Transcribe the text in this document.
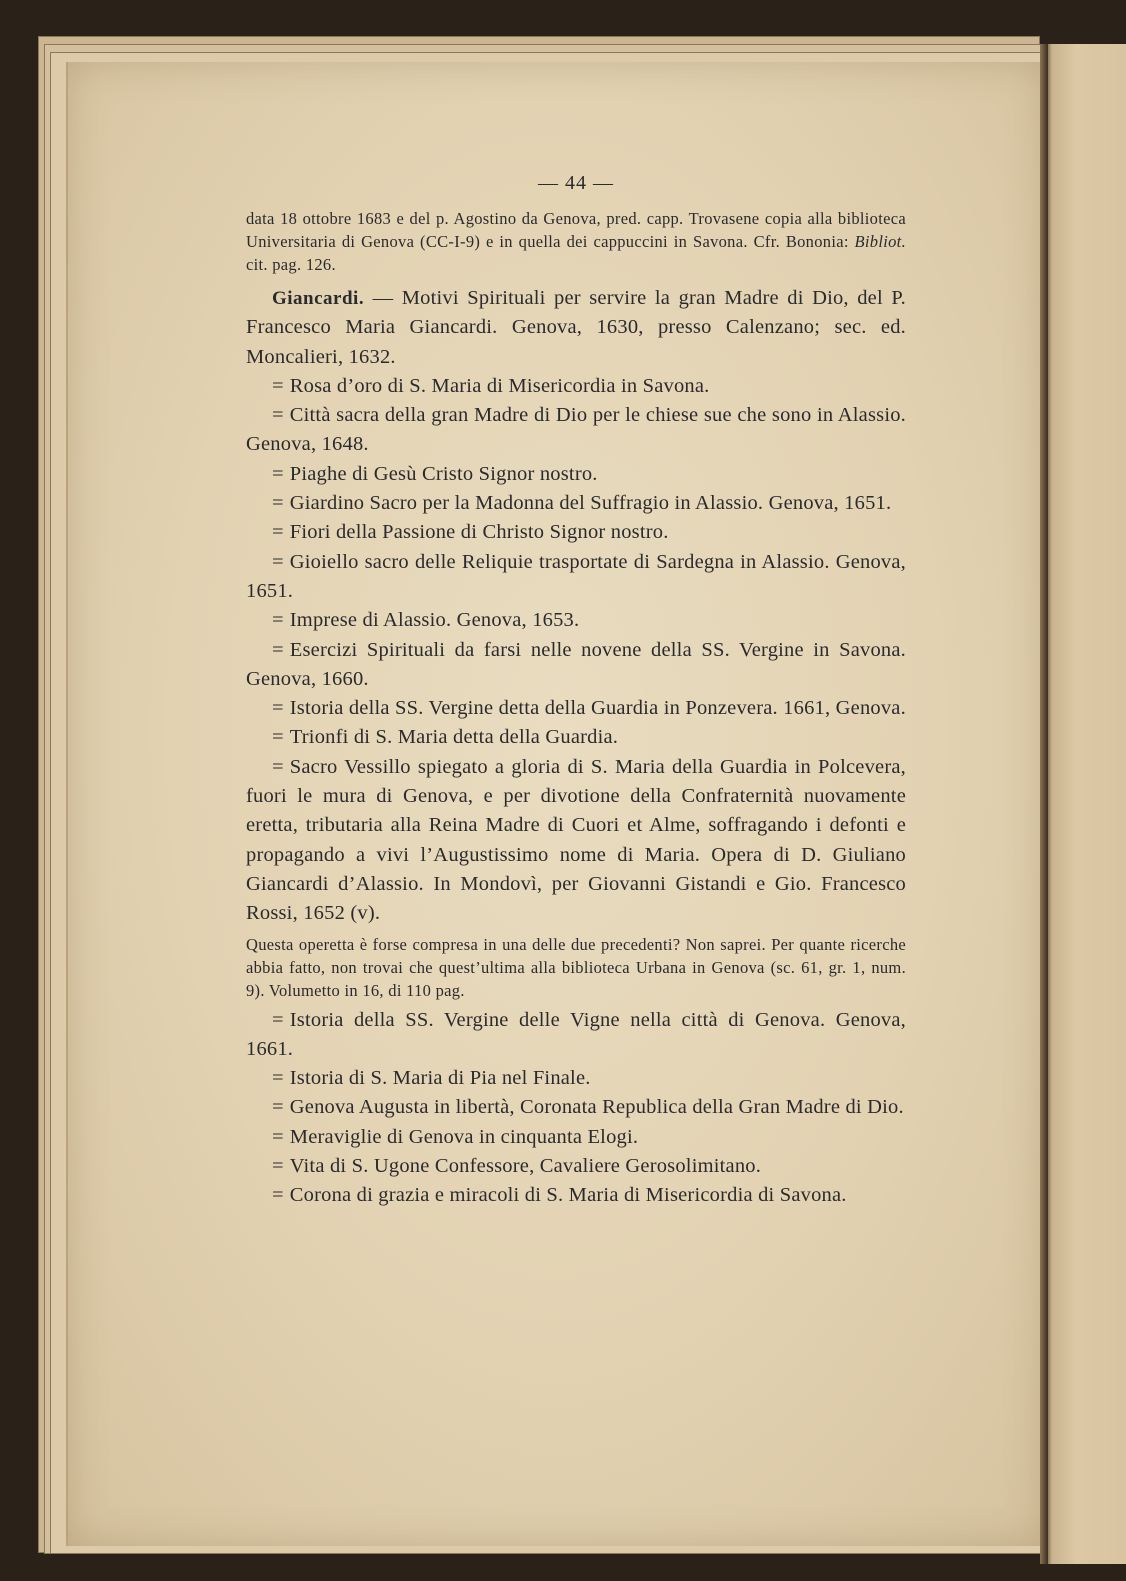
— 44 —

data 18 ottobre 1683 e del p. Agostino da Genova, pred. capp. Trovasene copia alla biblioteca Universitaria di Genova (CC-I-9) e in quella dei cappuccini in Savona. Cfr. Bononia: Bibliot. cit. pag. 126.

Giancardi. — Motivi Spirituali per servire la gran Madre di Dio, del P. Francesco Maria Giancardi. Genova, 1630, presso Calenzano; sec. ed. Moncalieri, 1632.

= Rosa d’oro di S. Maria di Misericordia in Savona.

= Città sacra della gran Madre di Dio per le chiese sue che sono in Alassio. Genova, 1648.

= Piaghe di Gesù Cristo Signor nostro.

= Giardino Sacro per la Madonna del Suffragio in Alassio. Genova, 1651.

= Fiori della Passione di Christo Signor nostro.

= Gioiello sacro delle Reliquie trasportate di Sardegna in Alassio. Genova, 1651.

= Imprese di Alassio. Genova, 1653.

= Esercizi Spirituali da farsi nelle novene della SS. Vergine in Savona. Genova, 1660.

= Istoria della SS. Vergine detta della Guardia in Ponzevera. 1661, Genova.

= Trionfi di S. Maria detta della Guardia.

= Sacro Vessillo spiegato a gloria di S. Maria della Guardia in Polcevera, fuori le mura di Genova, e per divotione della Confraternità nuovamente eretta, tributaria alla Reina Madre di Cuori et Alme, soffragando i defonti e propagando a vivi l’Augustissimo nome di Maria. Opera di D. Giuliano Giancardi d’Alassio. In Mondovì, per Giovanni Gistandi e Gio. Francesco Rossi, 1652 (v).

Questa operetta è forse compresa in una delle due precedenti? Non saprei. Per quante ricerche abbia fatto, non trovai che quest’ultima alla biblioteca Urbana in Genova (sc. 61, gr. 1, num. 9). Volumetto in 16, di 110 pag.

= Istoria della SS. Vergine delle Vigne nella città di Genova. Genova, 1661.

= Istoria di S. Maria di Pia nel Finale.

= Genova Augusta in libertà, Coronata Republica della Gran Madre di Dio.

= Meraviglie di Genova in cinquanta Elogi.

= Vita di S. Ugone Confessore, Cavaliere Gerosolimitano.

= Corona di grazia e miracoli di S. Maria di Misericordia di Savona.
